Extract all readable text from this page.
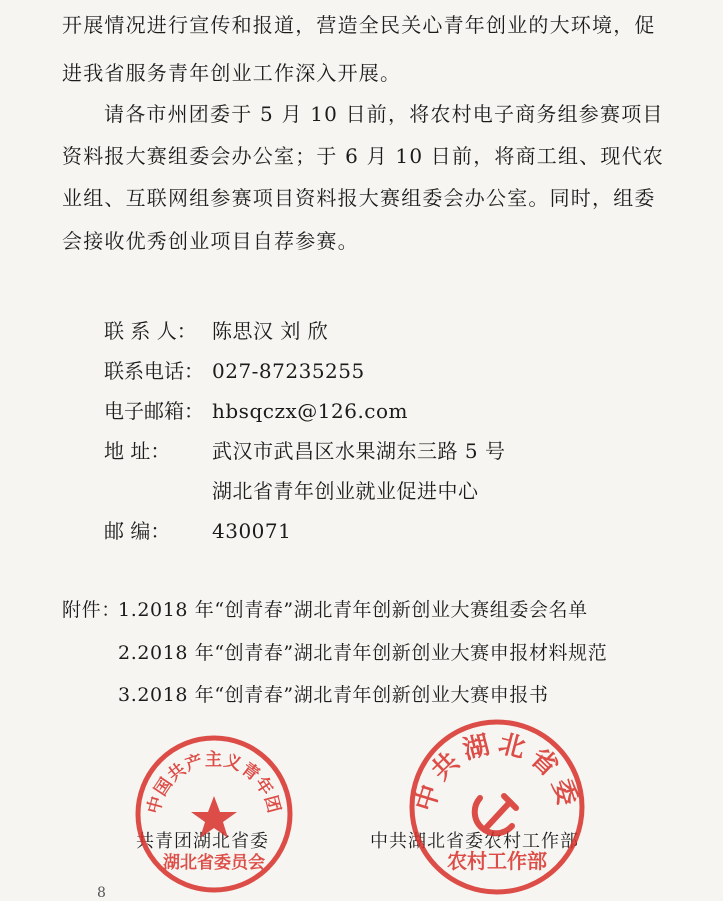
开展情况进行宣传和报道，营造全民关心青年创业的大环境，促
进我省服务青年创业工作深入开展。
请各市州团委于 5 月 10 日前，将农村电子商务组参赛项目
资料报大赛组委会办公室；于 6 月 10 日前，将商工组、现代农
业组、互联网组参赛项目资料报大赛组委会办公室。同时，组委
会接收优秀创业项目自荐参赛。
联 系 人： 陈思汉 刘 欣
联系电话： 027-87235255
电子邮箱： hbsqczx@126.com
地 址： 武汉市武昌区水果湖东三路 5 号
湖北省青年创业就业促进中心
邮 编： 430071
附件：
1.2018 年“创青春”湖北青年创新创业大赛组委会名单
2.2018 年“创青春”湖北青年创新创业大赛申报材料规范
3.2018 年“创青春”湖北青年创新创业大赛申报书
共青团湖北省委	中共湖北省委农村工作部
中国共产主义青年团
湖北省委员会
中共湖北省委
农村工作部
8
